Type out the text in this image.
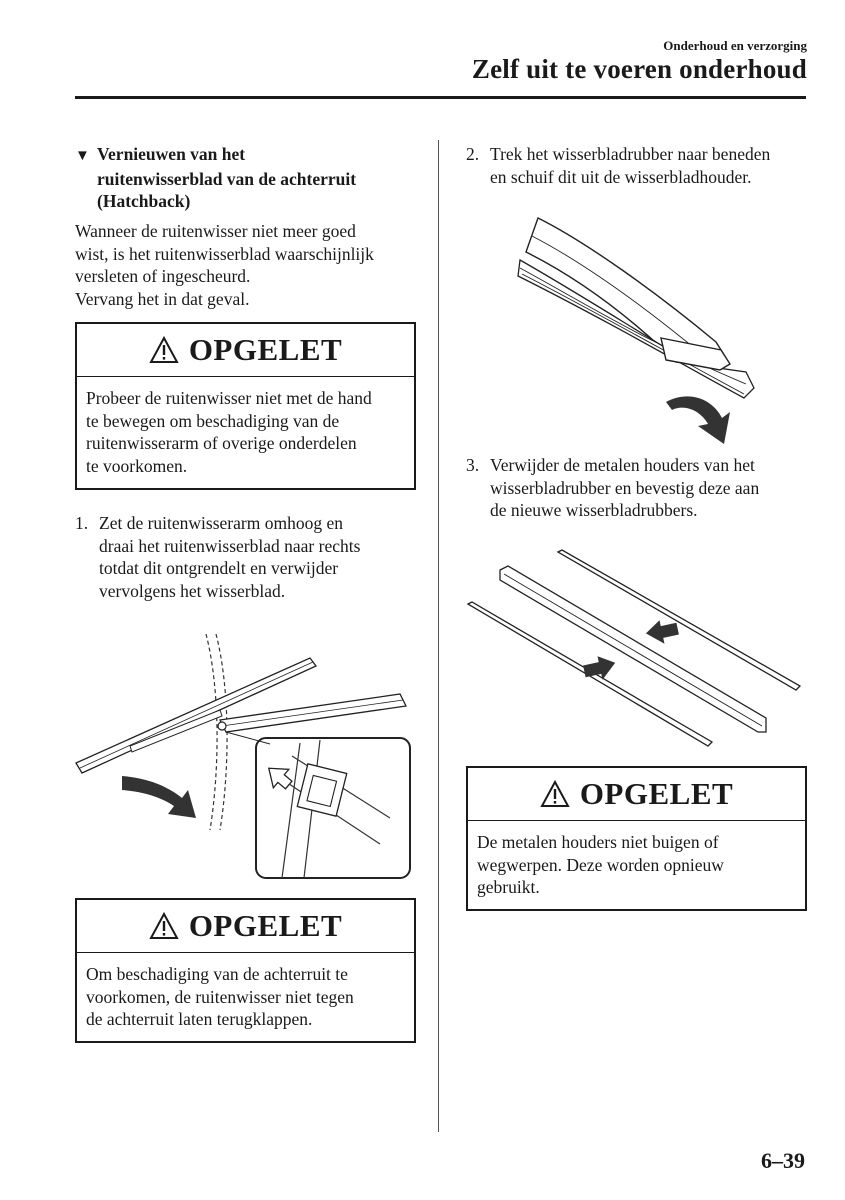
Onderhoud en verzorging
Zelf uit te voeren onderhoud
▼ Vernieuwen van het
ruitenwisserblad van de achterruit
(Hatchback)
Wanneer de ruitenwisser niet meer goed
wist, is het ruitenwisserblad waarschijnlijk
versleten of ingescheurd.
Vervang het in dat geval.
OPGELET
Probeer de ruitenwisser niet met de hand
te bewegen om beschadiging van de
ruitenwisserarm of overige onderdelen
te voorkomen.
1. Zet de ruitenwisserarm omhoog en
draai het ruitenwisserblad naar rechts
totdat dit ontgrendelt en verwijder
vervolgens het wisserblad.
OPGELET
Om beschadiging van de achterruit te
voorkomen, de ruitenwisser niet tegen
de achterruit laten terugklappen.
2. Trek het wisserbladrubber naar beneden
en schuif dit uit de wisserbladhouder.
3. Verwijder de metalen houders van het
wisserbladrubber en bevestig deze aan
de nieuwe wisserbladrubbers.
OPGELET
De metalen houders niet buigen of
wegwerpen. Deze worden opnieuw
gebruikt.
6–39
